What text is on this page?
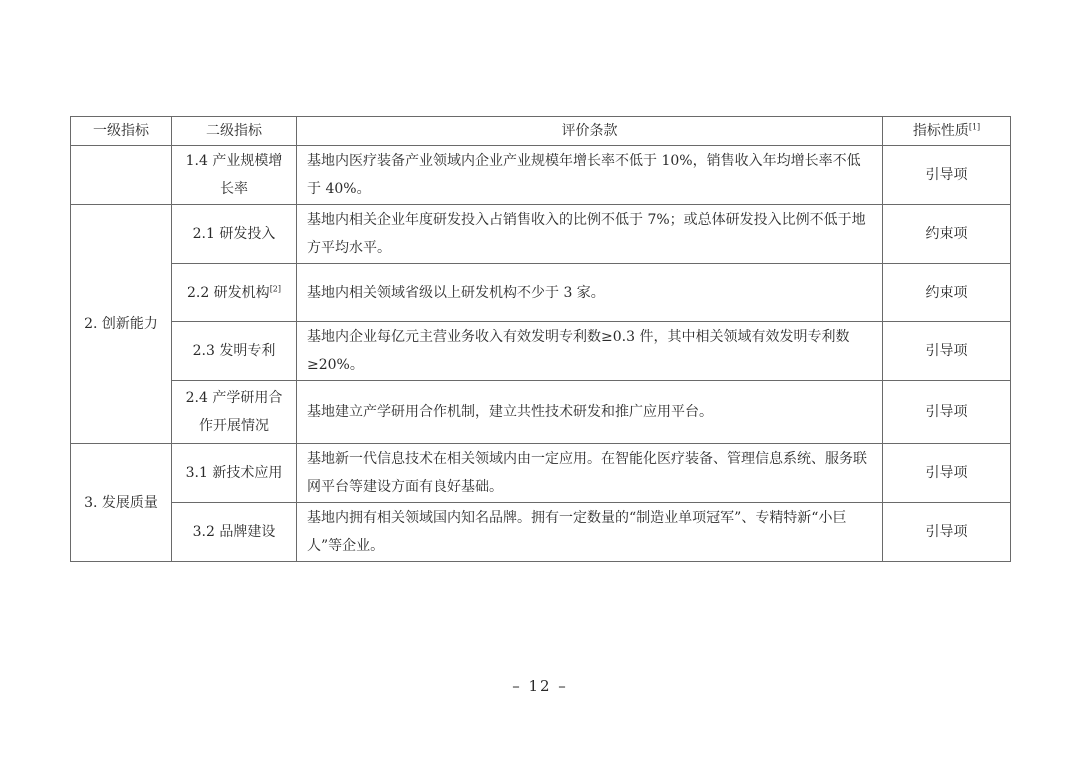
一级指标	二级指标	评价条款	指标性质[1]
	1.4 产业规模增长率	基地内医疗装备产业领域内企业产业规模年增长率不低于 10%，销售收入年均增长率不低于 40%。	引导项
2. 创新能力	2.1 研发投入	基地内相关企业年度研发投入占销售收入的比例不低于 7%；或总体研发投入比例不低于地方平均水平。	约束项
	2.2 研发机构[2]	基地内相关领域省级以上研发机构不少于 3 家。	约束项
	2.3 发明专利	基地内企业每亿元主营业务收入有效发明专利数≥0.3 件，其中相关领域有效发明专利数≥20%。	引导项
	2.4 产学研用合作开展情况	基地建立产学研用合作机制，建立共性技术研发和推广应用平台。	引导项
3. 发展质量	3.1 新技术应用	基地新一代信息技术在相关领域内由一定应用。在智能化医疗装备、管理信息系统、服务联网平台等建设方面有良好基础。	引导项
	3.2 品牌建设	基地内拥有相关领域国内知名品牌。拥有一定数量的“制造业单项冠军”、专精特新“小巨人”等企业。	引导项
– 12 –
